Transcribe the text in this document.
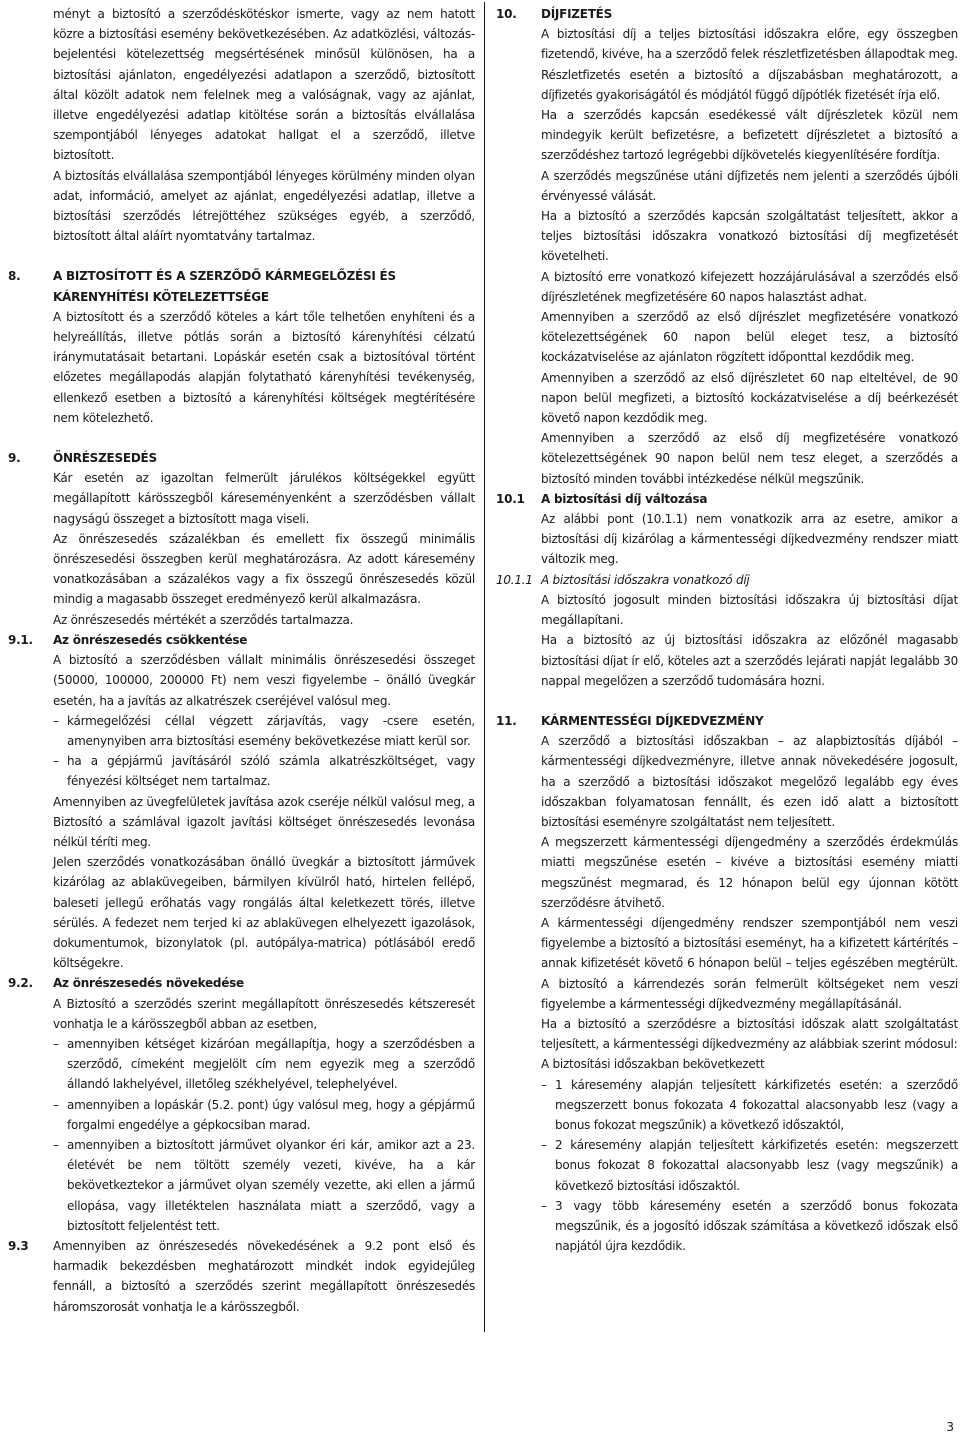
ményt a biztosító a szerződéskötéskor ismerte, vagy az nem hatott közre a biztosítási esemény bekövetkezésében. Az adatközlési, változás-bejelentési kötelezettség megsértésének minősül különösen, ha a biztosítási ajánlaton, engedélyezési adatlapon a szerződő, biztosított által közölt adatok nem felelnek meg a valóságnak, vagy az ajánlat, illetve engedélyezési adatlap kitöltése során a biztosítás elvállalása szempontjából lényeges adatokat hallgat el a szerződő, illetve biztosított.

A biztosítás elvállalása szempontjából lényeges körülmény minden olyan adat, információ, amelyet az ajánlat, engedélyezési adatlap, illetve a biztosítási szerződés létrejöttéhez szükséges egyéb, a szerződő, biztosított által aláírt nyomtatvány tartalmaz.

8.	A BIZTOSÍTOTT ÉS A SZERZŐDŐ KÁRMEGELŐZÉSI ÉS KÁRENYHÍTÉSI KÖTELEZETTSÉGE

A biztosított és a szerződő köteles a kárt tőle telhetően enyhíteni és a helyreállítás, illetve pótlás során a biztosító kárenyhítési célzatú iránymutatásait betartani. Lopáskár esetén csak a biztosítóval történt előzetes megállapodás alapján folytatható kárenyhítési tevékenység, ellenkező esetben a biztosító a kárenyhítési költségek megtérítésére nem kötelezhető.

9.	ÖNRÉSZESEDÉS

Kár esetén az igazoltan felmerült járulékos költségekkel együtt megállapított kárösszegből káreseményenként a szerződésben vállalt nagyságú összeget a biztosított maga viseli.

Az önrészesedés százalékban és emellett fix összegű minimális önrészesedési összegben kerül meghatározásra. Az adott káresemény vonatkozásában a százalékos vagy a fix összegű önrészesedés közül mindig a magasabb összeget eredményező kerül alkalmazásra.

Az önrészesedés mértékét a szerződés tartalmazza.

9.1. Az önrészesedés csökkentése

A biztosító a szerződésben vállalt minimális önrészesedési összeget (50000, 100000, 200000 Ft) nem veszi figyelembe – önálló üvegkár esetén, ha a javítás az alkatrészek cseréjével valósul meg.

– kármegelőzési céllal végzett zárjavítás, vagy -csere esetén, amenynyiben arra biztosítási esemény bekövetkezése miatt kerül sor.

– ha a gépjármű javításáról szóló számla alkatrészköltséget, vagy fényezési költséget nem tartalmaz.

Amennyiben az üvegfelületek javítása azok cseréje nélkül valósul meg, a Biztosító a számlával igazolt javítási költséget önrészesedés levonása nélkül téríti meg.

Jelen szerződés vonatkozásában önálló üvegkár a biztosított járművek kizárólag az ablaküvegeiben, bármilyen kívülről ható, hirtelen fellépő, baleseti jellegű erőhatás vagy rongálás által keletkezett törés, illetve sérülés. A fedezet nem terjed ki az ablaküvegen elhelyezett igazolások, dokumentumok, bizonylatok (pl. autópálya-matrica) pótlásából eredő költségekre.

9.2. Az önrészesedés növekedése

A Biztosító a szerződés szerint megállapított önrészesedés kétszeresét vonhatja le a kárösszegből abban az esetben,

– amennyiben kétséget kizáróan megállapítja, hogy a szerződésben a szerződő, címeként megjelölt cím nem egyezik meg a szerződő állandó lakhelyével, illetőleg székhelyével, telephelyével.

– amennyiben a lopáskár (5.2. pont) úgy valósul meg, hogy a gépjármű forgalmi engedélye a gépkocsiban marad.

– amennyiben a biztosított járművet olyankor éri kár, amikor azt a 23. életévét be nem töltött személy vezeti, kivéve, ha a kár bekövetkeztekor a járművet olyan személy vezette, aki ellen a jármű ellopása, vagy illetéktelen használata miatt a szerződő, vagy a biztosított feljelentést tett.

9.3 Amennyiben az önrészesedés növekedésének a 9.2 pont első és harmadik bekezdésben meghatározott mindkét indok egyidejűleg fennáll, a biztosító a szerződés szerint megállapított önrészesedés háromszorosát vonhatja le a kárösszegből.
10. DÍJFIZETÉS

A biztosítási díj a teljes biztosítási időszakra előre, egy összegben fizetendő, kivéve, ha a szerződő felek részletfizetésben állapodtak meg. Részletfizetés esetén a biztosító a díjszabásban meghatározott, a díjfizetés gyakoriságától és módjától függő díjpótlék fizetését írja elő.

Ha a szerződés kapcsán esedékessé vált díjrészletek közül nem mindegyik került befizetésre, a befizetett díjrészletet a biztosító a szerződéshez tartozó legrégebbi díjkövetelés kiegyenlítésére fordítja.

A szerződés megszűnése utáni díjfizetés nem jelenti a szerződés újbóli érvényessé válását.

Ha a biztosító a szerződés kapcsán szolgáltatást teljesített, akkor a teljes biztosítási időszakra vonatkozó biztosítási díj megfizetését követelheti.

A biztosító erre vonatkozó kifejezett hozzájárulásával a szerződés első díjrészletének megfizetésére 60 napos halasztást adhat.

Amennyiben a szerződő az első díjrészlet megfizetésére vonatkozó kötelezettségének 60 napon belül eleget tesz, a biztosító kockázatviselése az ajánlaton rögzített időponttal kezdődik meg.

Amennyiben a szerződő az első díjrészletet 60 nap elteltével, de 90 napon belül megfizeti, a biztosító kockázatviselése a díj beérkezését követő napon kezdődik meg.

Amennyiben a szerződő az első díj megfizetésére vonatkozó kötelezettségének 90 napon belül nem tesz eleget, a szerződés a biztosító minden további intézkedése nélkül megszűnik.

10.1 A biztosítási díj változása

Az alábbi pont (10.1.1) nem vonatkozik arra az esetre, amikor a biztosítási díj kizárólag a kármentességi díjkedvezmény rendszer miatt változik meg.

10.1.1 A biztosítási időszakra vonatkozó díj

A biztosító jogosult minden biztosítási időszakra új biztosítási díjat megállapítani.

Ha a biztosító az új biztosítási időszakra az előzőnél magasabb biztosítási díjat ír elő, köteles azt a szerződés lejárati napját legalább 30 nappal megelőzen a szerződő tudomására hozni.

11. KÁRMENTESSÉGI DÍJKEDVEZMÉNY

A szerződő a biztosítási időszakban – az alapbiztosítás díjából – kármentességi díjkedvezményre, illetve annak növekedésére jogosult, ha a szerződő a biztosítási időszakot megelőző legalább egy éves időszakban folyamatosan fennállt, és ezen idő alatt a biztosított biztosítási eseményre szolgáltatást nem teljesített.

A megszerzett kármentességi díjengedmény a szerződés érdekmúlás miatti megszűnése esetén – kivéve a biztosítási esemény miatti megszűnést megmarad, és 12 hónapon belül egy újonnan kötött szerződésre átvihető.

A kármentességi díjengedmény rendszer szempontjából nem veszi figyelembe a biztosító a biztosítási eseményt, ha a kifizetett kártérítés – annak kifizetését követő 6 hónapon belül – teljes egészében megtérült. A biztosító a kárrendezés során felmerült költségeket nem veszi figyelembe a kármentességi díjkedvezmény megállapításánál.

Ha a biztosító a szerződésre a biztosítási időszak alatt szolgáltatást teljesített, a kármentességi díjkedvezmény az alábbiak szerint módosul:

A biztosítási időszakban bekövetkezett

– 1 káresemény alapján teljesített kárkifizetés esetén: a szerződő megszerzett bonus fokozata 4 fokozattal alacsonyabb lesz (vagy a bonus fokozat megszűnik) a következő időszaktól,

– 2 káresemény alapján teljesített kárkifizetés esetén: megszerzett bonus fokozat 8 fokozattal alacsonyabb lesz (vagy megszűnik) a következő biztosítási időszaktól.

– 3 vagy több káresemény esetén a szerződő bonus fokozata megszűnik, és a jogosító időszak számítása a következő időszak első napjától újra kezdődik.

3
